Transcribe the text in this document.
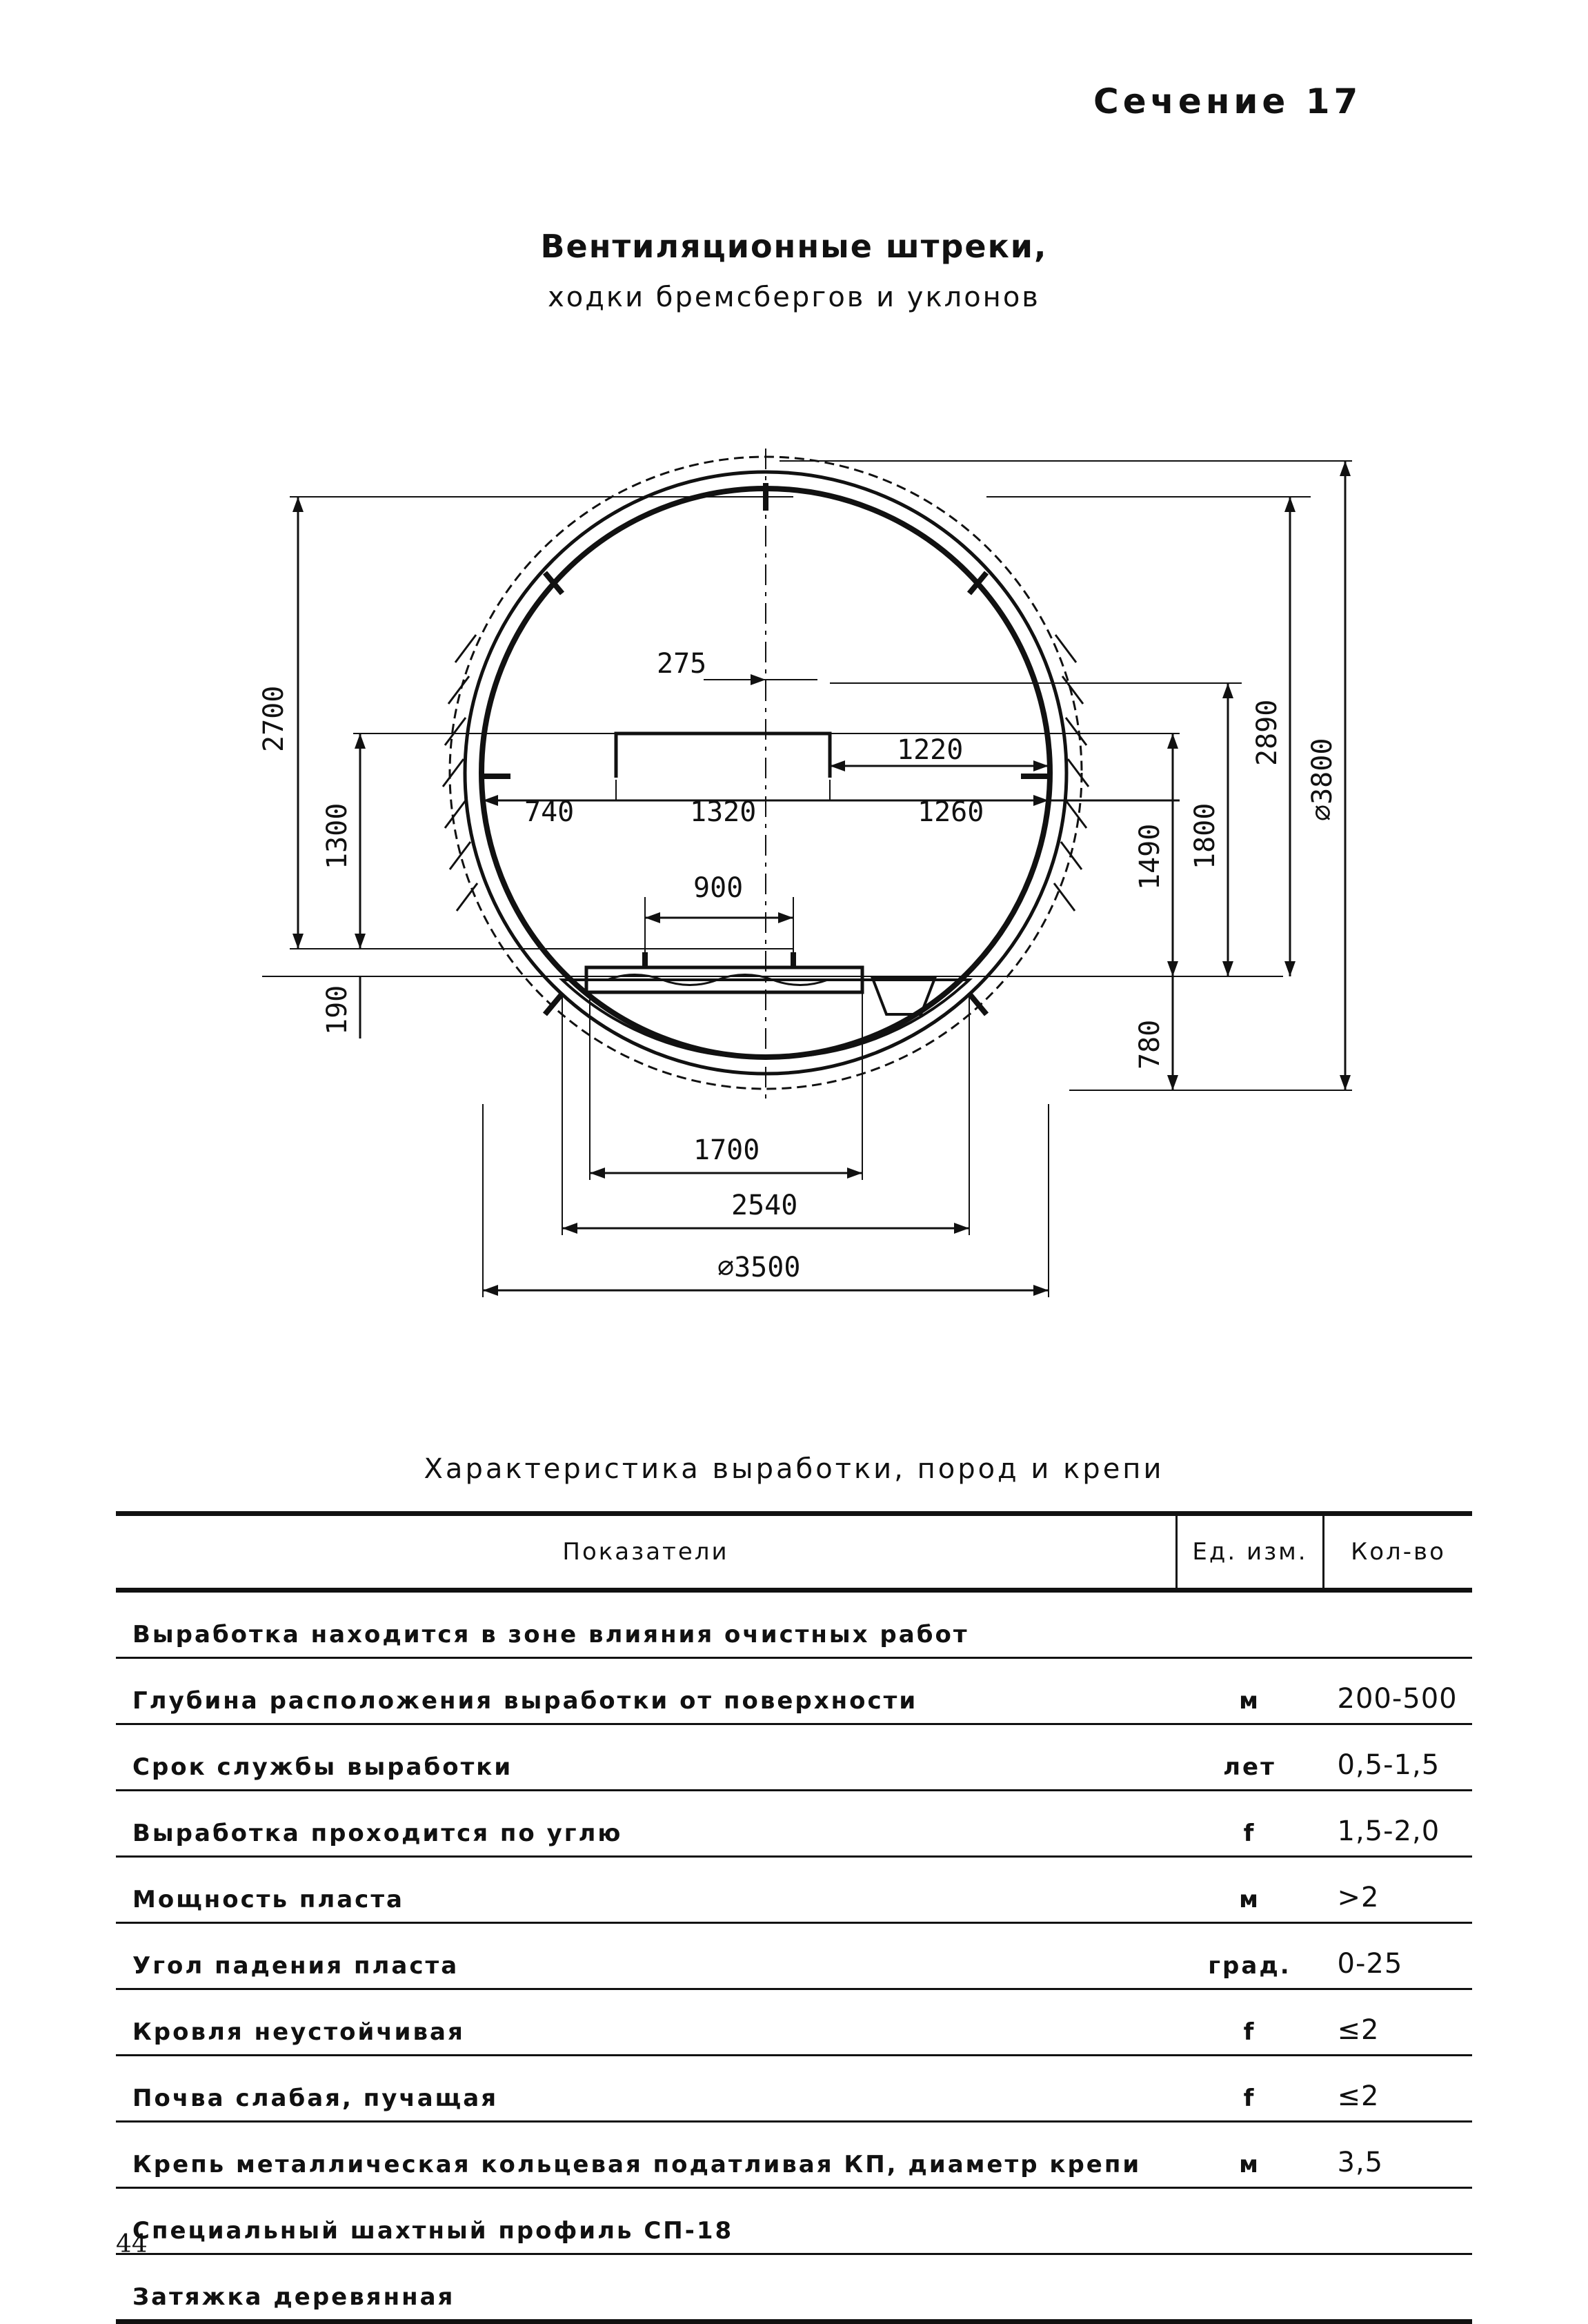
Сечение 17
Вентиляционные штреки,
ходки бремсбергов и уклонов
275
1220
740	1320	1260
900
1700
2540
⌀3500
2700
1300
190
1490
780
1800
2890
⌀3800
Характеристика выработки, пород и крепи
Показатели	Ед. изм.	Кол-во
Выработка находится в зоне влияния очистных работ		
Глубина расположения выработки от поверхности	м	200-500
Срок службы выработки	лет	0,5-1,5
Выработка проходится по углю	f	1,5-2,0
Мощность пласта	м	>2
Угол падения пласта	град.	0-25
Кровля неустойчивая	f	≤2
Почва слабая, пучащая	f	≤2
Крепь металлическая кольцевая податливая КП, диаметр крепи	м	3,5
Специальный шахтный профиль СП-18		
Затяжка деревянная		
44
